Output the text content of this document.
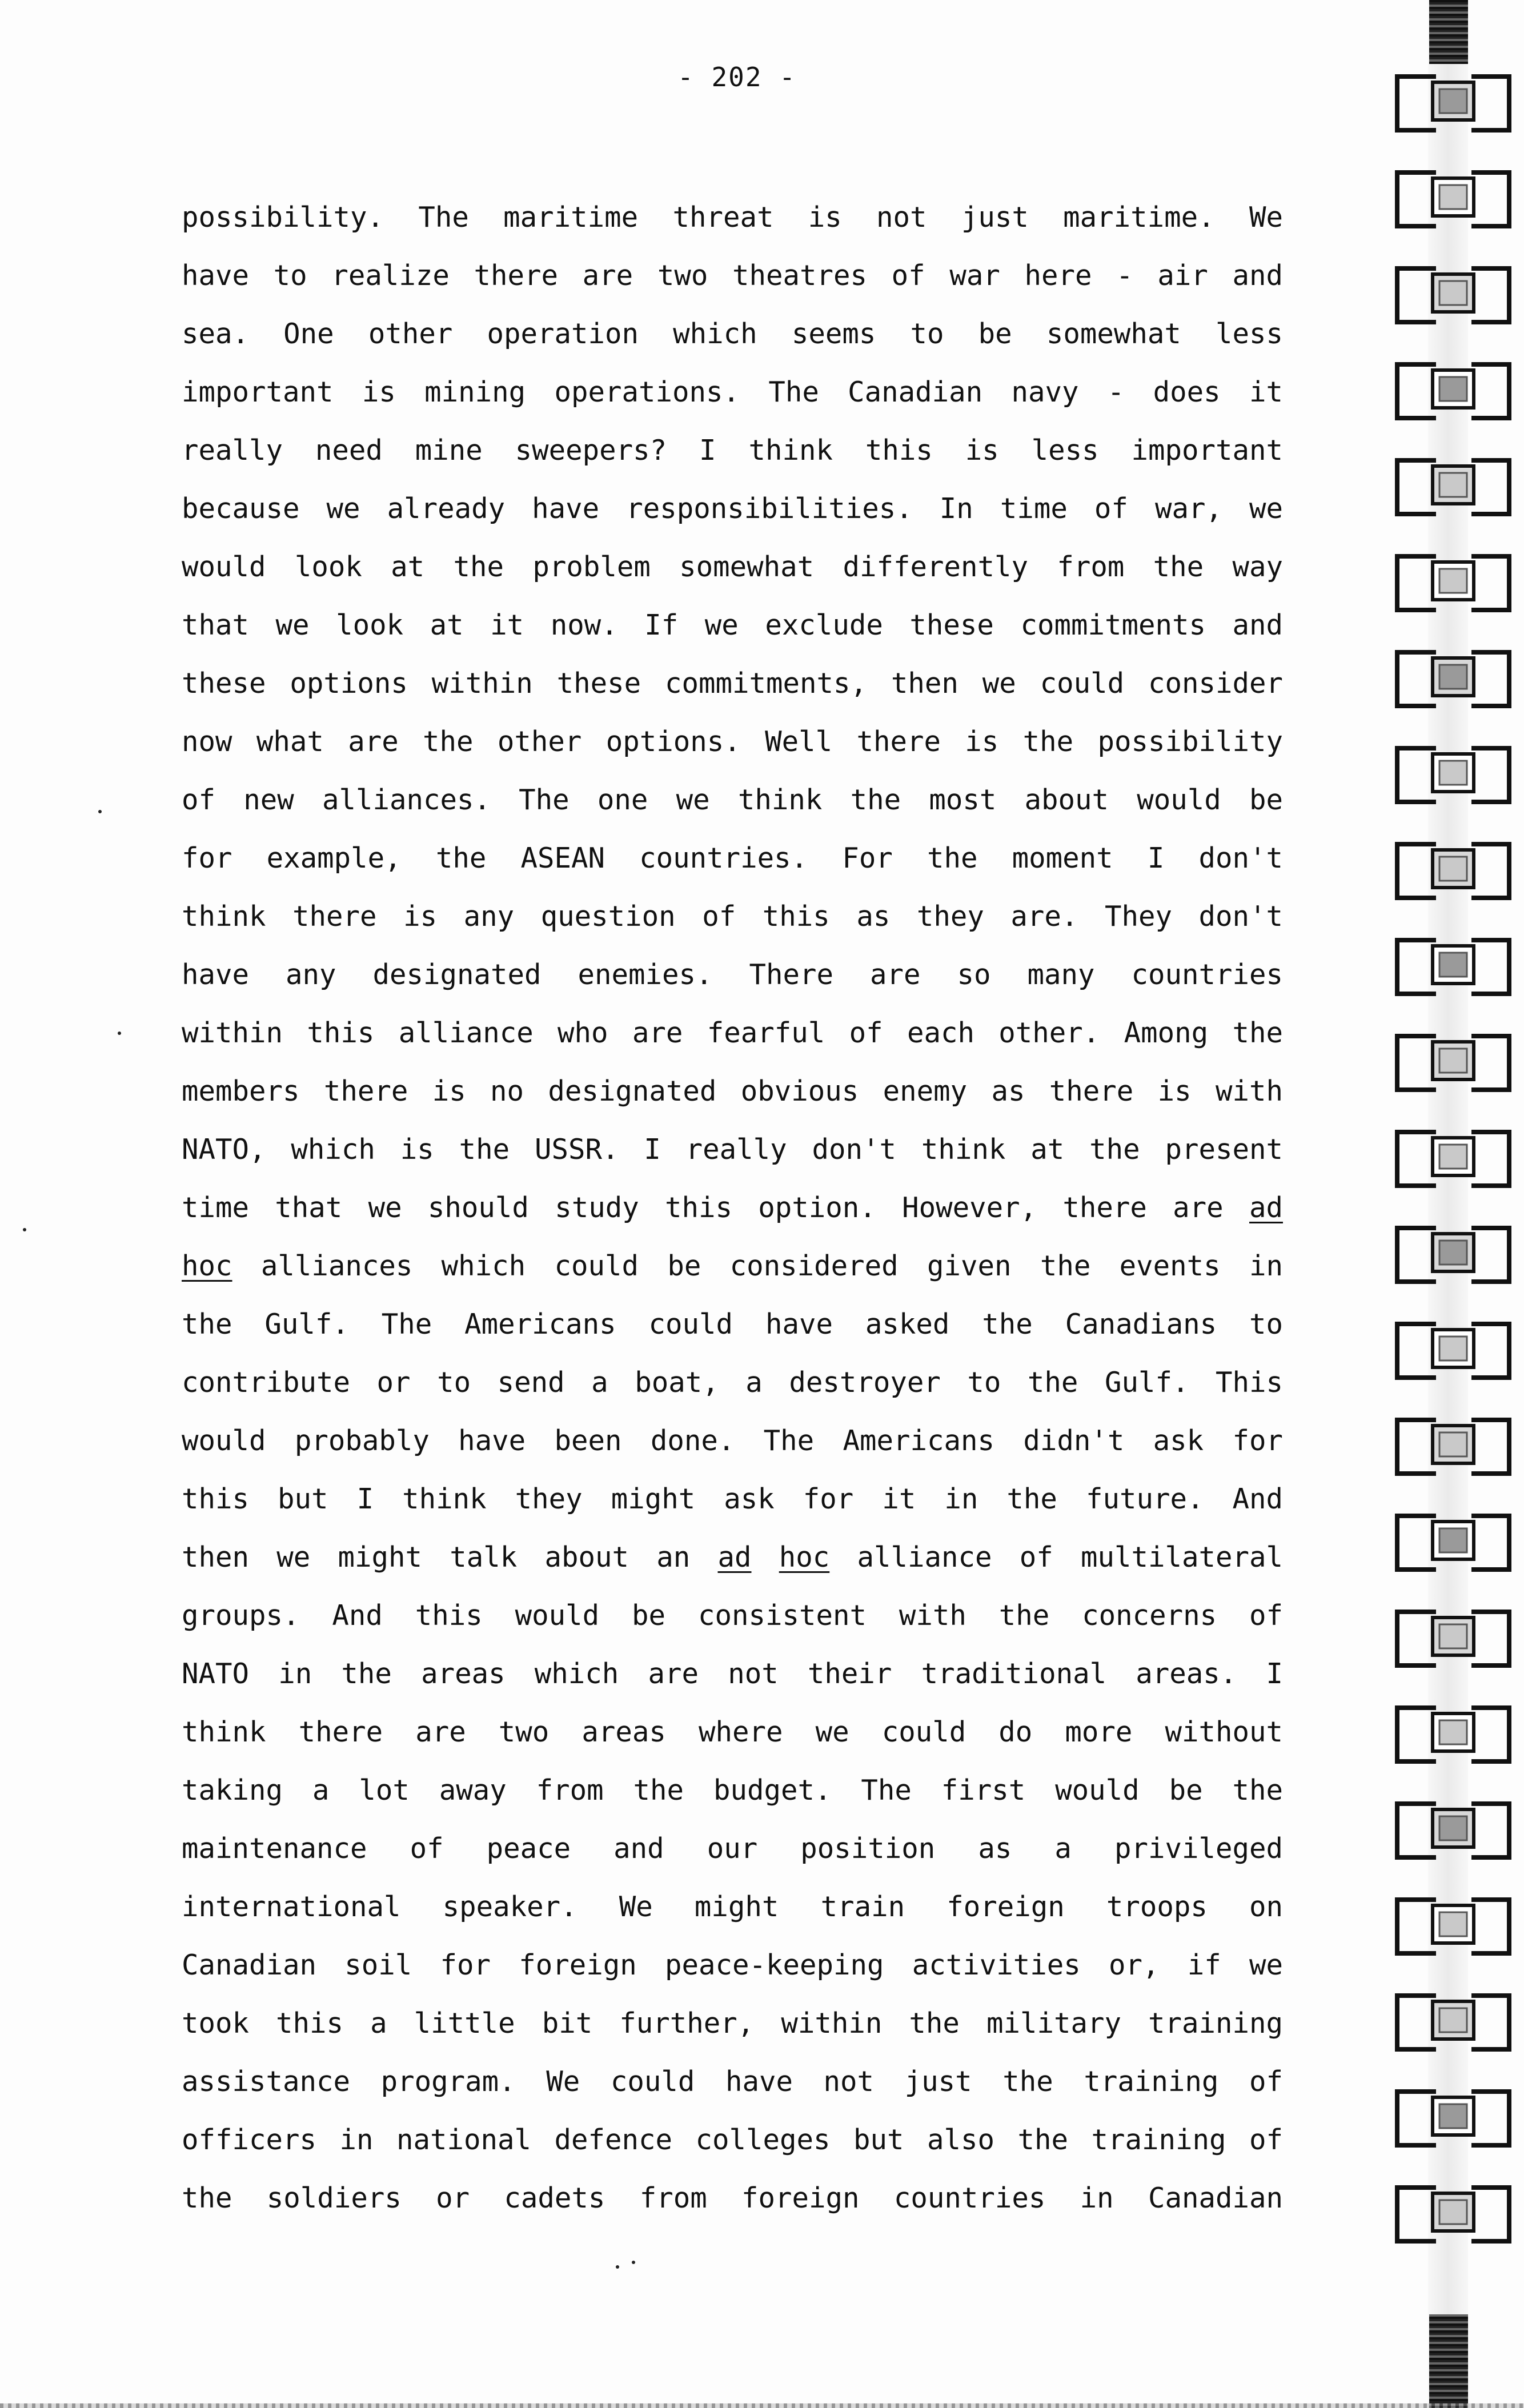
- 202 -
possibility. The maritime threat is not just maritime. We
have to realize there are two theatres of war here - air and
sea. One other operation which seems to be somewhat less
important is mining operations. The Canadian navy - does it
really need mine sweepers? I think this is less important
because we already have responsibilities. In time of war, we
would look at the problem somewhat differently from the way
that we look at it now. If we exclude these commitments and
these options within these commitments, then we could consider
now what are the other options. Well there is the possibility
of new alliances. The one we think the most about would be
for example, the ASEAN countries. For the moment I don't
think there is any question of this as they are. They don't
have any designated enemies. There are so many countries
within this alliance who are fearful of each other. Among the
members there is no designated obvious enemy as there is with
NATO, which is the USSR. I really don't think at the present
time that we should study this option. However, there are ad
hoc alliances which could be considered given the events in
the Gulf. The Americans could have asked the Canadians to
contribute or to send a boat, a destroyer to the Gulf. This
would probably have been done. The Americans didn't ask for
this but I think they might ask for it in the future. And
then we might talk about an ad hoc alliance of multilateral
groups. And this would be consistent with the concerns of
NATO in the areas which are not their traditional areas. I
think there are two areas where we could do more without
taking a lot away from the budget. The first would be the
maintenance of peace and our position as a privileged
international speaker. We might train foreign troops on
Canadian soil for foreign peace-keeping activities or, if we
took this a little bit further, within the military training
assistance program. We could have not just the training of
officers in national defence colleges but also the training of
the soldiers or cadets from foreign countries in Canadian
